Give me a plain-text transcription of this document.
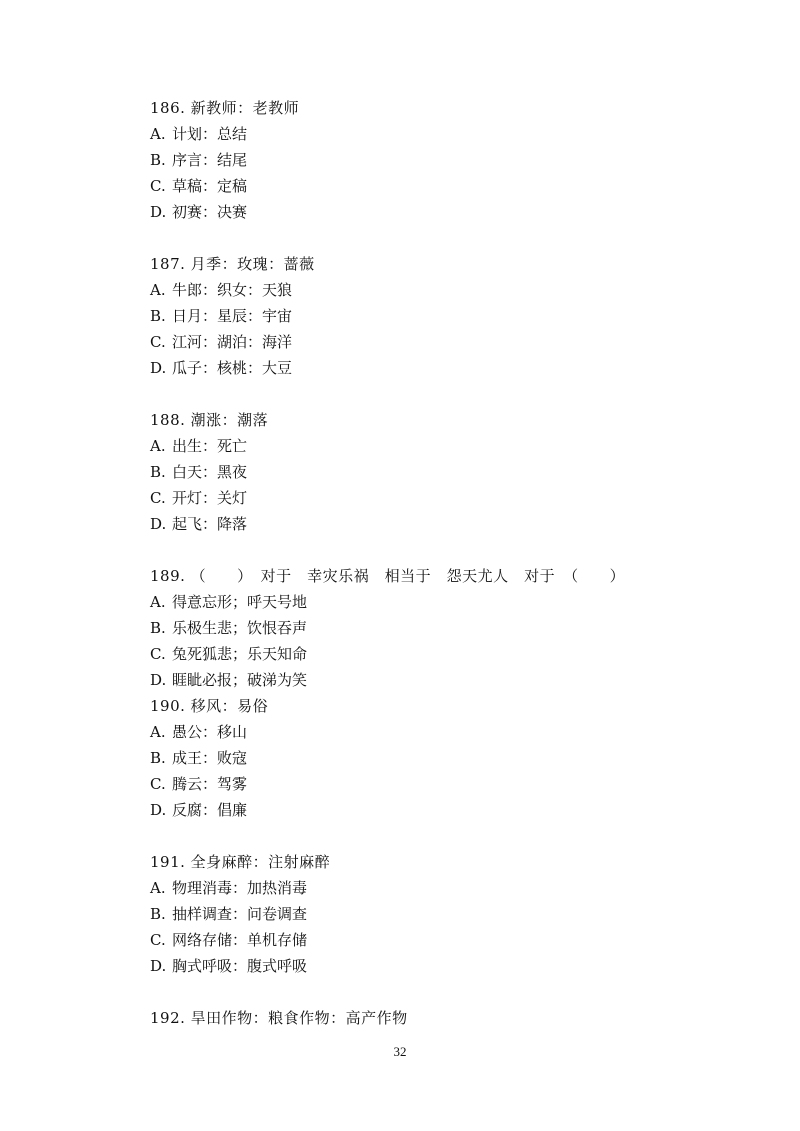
186. 新教师：老教师
A. 计划：总结
B. 序言：结尾
C. 草稿：定稿
D. 初赛：决赛
187. 月季：玫瑰：蔷薇
A. 牛郎：织女：天狼
B. 日月：星辰：宇宙
C. 江河：湖泊：海洋
D. 瓜子：核桃：大豆
188. 潮涨：潮落
A. 出生：死亡
B. 白天：黑夜
C. 开灯：关灯
D. 起飞：降落
189. （　　）　对于　幸灾乐祸　相当于　怨天尤人　对于　（　　）
A. 得意忘形；呼天号地
B. 乐极生悲；饮恨吞声
C. 兔死狐悲；乐天知命
D. 睚眦必报；破涕为笑
190. 移风：易俗
A. 愚公：移山
B. 成王：败寇
C. 腾云：驾雾
D. 反腐：倡廉
191. 全身麻醉：注射麻醉
A. 物理消毒：加热消毒
B. 抽样调查：问卷调查
C. 网络存储：单机存储
D. 胸式呼吸：腹式呼吸
192. 旱田作物：粮食作物：高产作物
32
